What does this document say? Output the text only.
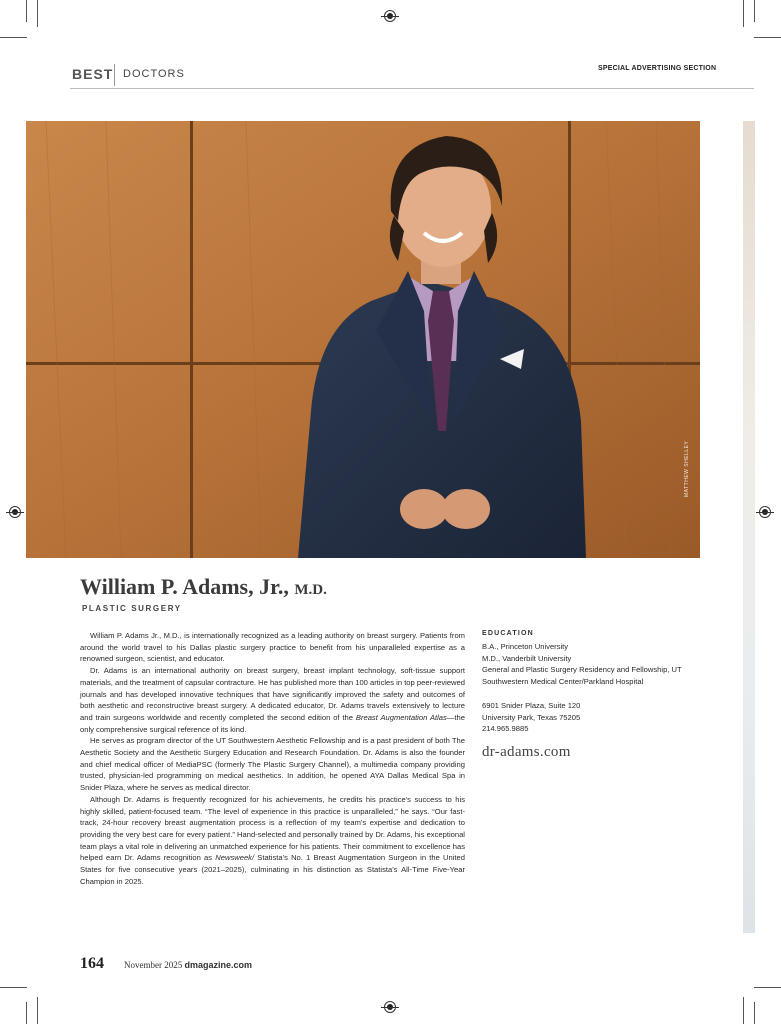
BEST DOCTORS	SPECIAL ADVERTISING SECTION
MATTHEW SHELLEY
William P. Adams, Jr., M.D.
PLASTIC SURGERY

William P. Adams Jr., M.D., is internationally recognized as a leading authority on breast surgery. Patients from around the world travel to his Dallas plastic surgery practice to benefit from his unparalleled expertise as a renowned surgeon, scientist, and educator.

Dr. Adams is an international authority on breast surgery, breast implant technology, soft-tissue support materials, and the treatment of capsular contracture. He has published more than 100 articles in top peer-reviewed journals and has developed innovative techniques that have significantly improved the safety and outcomes of both aesthetic and reconstructive breast surgery. A dedicated educator, Dr. Adams travels extensively to lecture and train surgeons worldwide and recently completed the second edition of the Breast Augmentation Atlas—the only comprehensive surgical reference of its kind.

He serves as program director of the UT Southwestern Aesthetic Fellowship and is a past president of both The Aesthetic Society and the Aesthetic Surgery Education and Research Foundation. Dr. Adams is also the founder and chief medical officer of MediaPSC (formerly The Plastic Surgery Channel), a multimedia company providing trusted, physician-led programming on medical aesthetics. In addition, he opened AYA Dallas Medical Spa in Snider Plaza, where he serves as medical director.

Although Dr. Adams is frequently recognized for his achievements, he credits his practice's success to his highly skilled, patient-focused team. “The level of experience in this practice is unparalleled,” he says. “Our fast-track, 24-hour recovery breast augmentation process is a reflection of my team's expertise and dedication to providing the very best care for every patient.” Hand-selected and personally trained by Dr. Adams, his exceptional team plays a vital role in delivering an unmatched experience for his patients. Their commitment to excellence has helped earn Dr. Adams recognition as Newsweek/ Statista's No. 1 Breast Augmentation Surgeon in the United States for five consecutive years (2021–2025), culminating in his distinction as Statista's All-Time Five-Year Champion in 2025.

EDUCATION
B.A., Princeton University
M.D., Vanderbilt University
General and Plastic Surgery Residency and Fellowship, UT
Southwestern Medical Center/Parkland Hospital
6901 Snider Plaza, Suite 120
University Park, Texas 75205
214.965.9885
dr-adams.com
164 November 2025 dmagazine.com
